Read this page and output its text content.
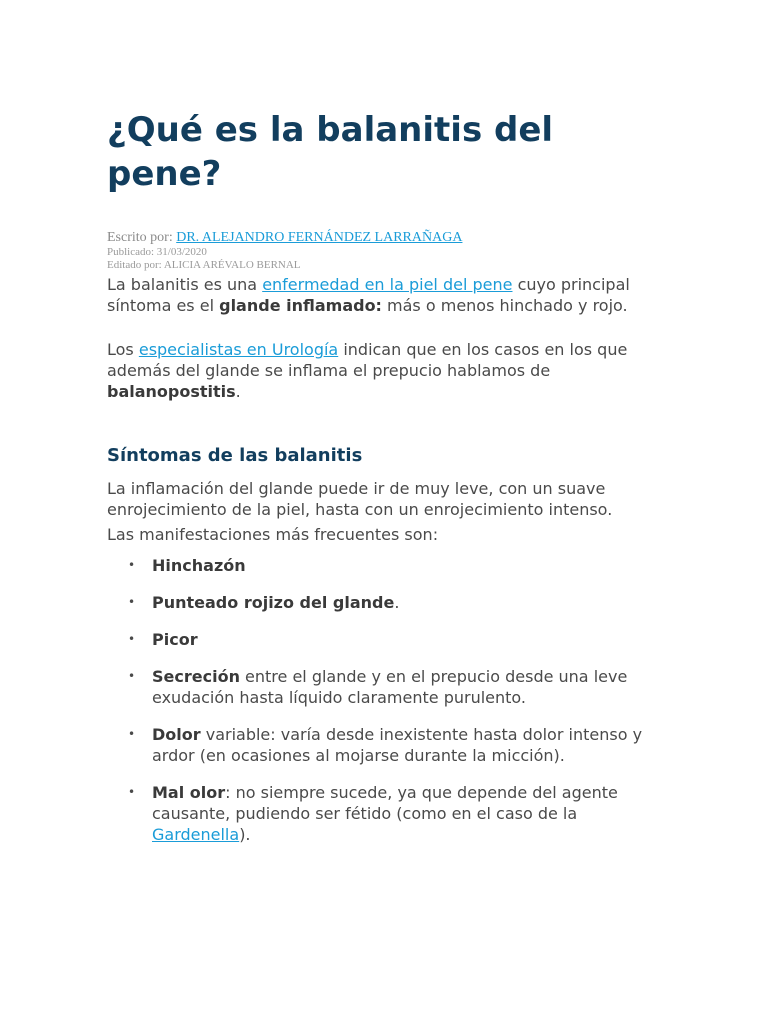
¿Qué es la balanitis del pene?
Escrito por: DR. ALEJANDRO FERNÁNDEZ LARRAÑAGA
Publicado: 31/03/2020
Editado por: ALICIA ARÉVALO BERNAL

La balanitis es una enfermedad en la piel del pene cuyo principal síntoma es el glande inflamado: más o menos hinchado y rojo.

Los especialistas en Urología indican que en los casos en los que además del glande se inflama el prepucio hablamos de balanopostitis.

Síntomas de las balanitis

La inflamación del glande puede ir de muy leve, con un suave enrojecimiento de la piel, hasta con un enrojecimiento intenso.

Las manifestaciones más frecuentes son:

• Hinchazón
• Punteado rojizo del glande.
• Picor
• Secreción entre el glande y en el prepucio desde una leve exudación hasta líquido claramente purulento.
• Dolor variable: varía desde inexistente hasta dolor intenso y ardor (en ocasiones al mojarse durante la micción).
• Mal olor: no siempre sucede, ya que depende del agente causante, pudiendo ser fétido (como en el caso de la Gardenella).
